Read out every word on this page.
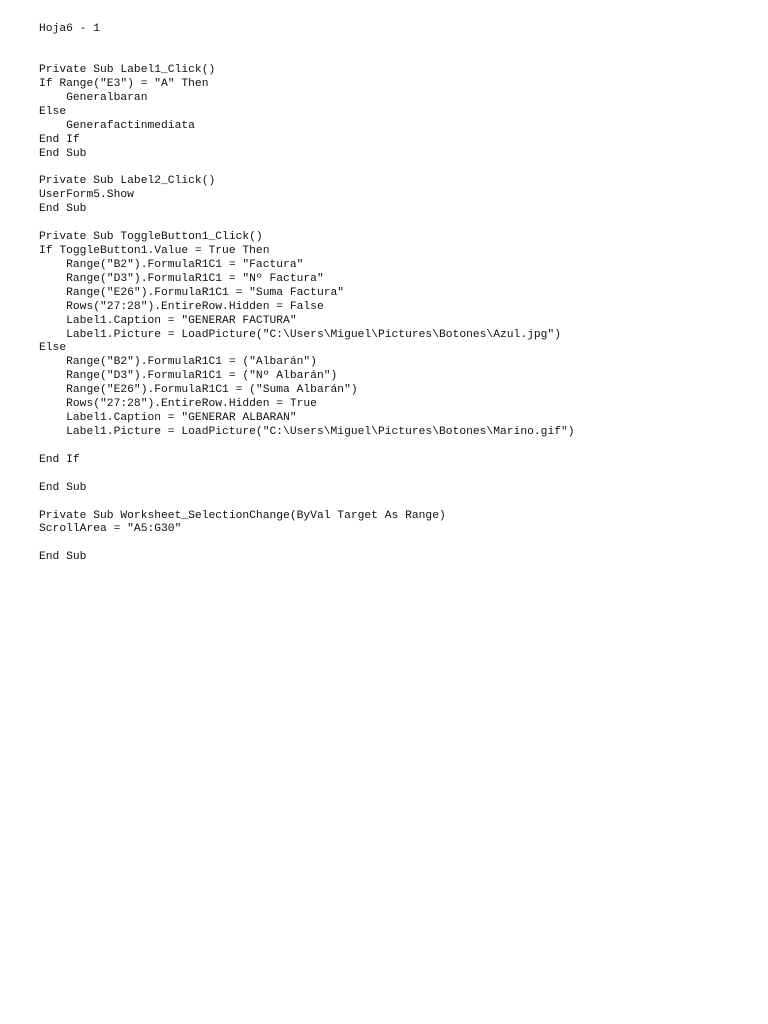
Hoja6 - 1
Private Sub Label1_Click()
If Range("E3") = "A" Then
Generalbaran
Else
Generafactinmediata
End If
End Sub
Private Sub Label2_Click()
UserForm5.Show
End Sub
Private Sub ToggleButton1_Click()
If ToggleButton1.Value = True Then
Range("B2").FormulaR1C1 = "Factura"
Range("D3").FormulaR1C1 = "Nº Factura"
Range("E26").FormulaR1C1 = "Suma Factura"
Rows("27:28").EntireRow.Hidden = False
Label1.Caption = "GENERAR FACTURA"
Label1.Picture = LoadPicture("C:\Users\Miguel\Pictures\Botones\Azul.jpg")
Else
Range("B2").FormulaR1C1 = ("Albarán")
Range("D3").FormulaR1C1 = ("Nº Albarán")
Range("E26").FormulaR1C1 = ("Suma Albarán")
Rows("27:28").EntireRow.Hidden = True
Label1.Caption = "GENERAR ALBARAN"
Label1.Picture = LoadPicture("C:\Users\Miguel\Pictures\Botones\Marino.gif")
End If
End Sub
Private Sub Worksheet_SelectionChange(ByVal Target As Range)
ScrollArea = "A5:G30"
End Sub
